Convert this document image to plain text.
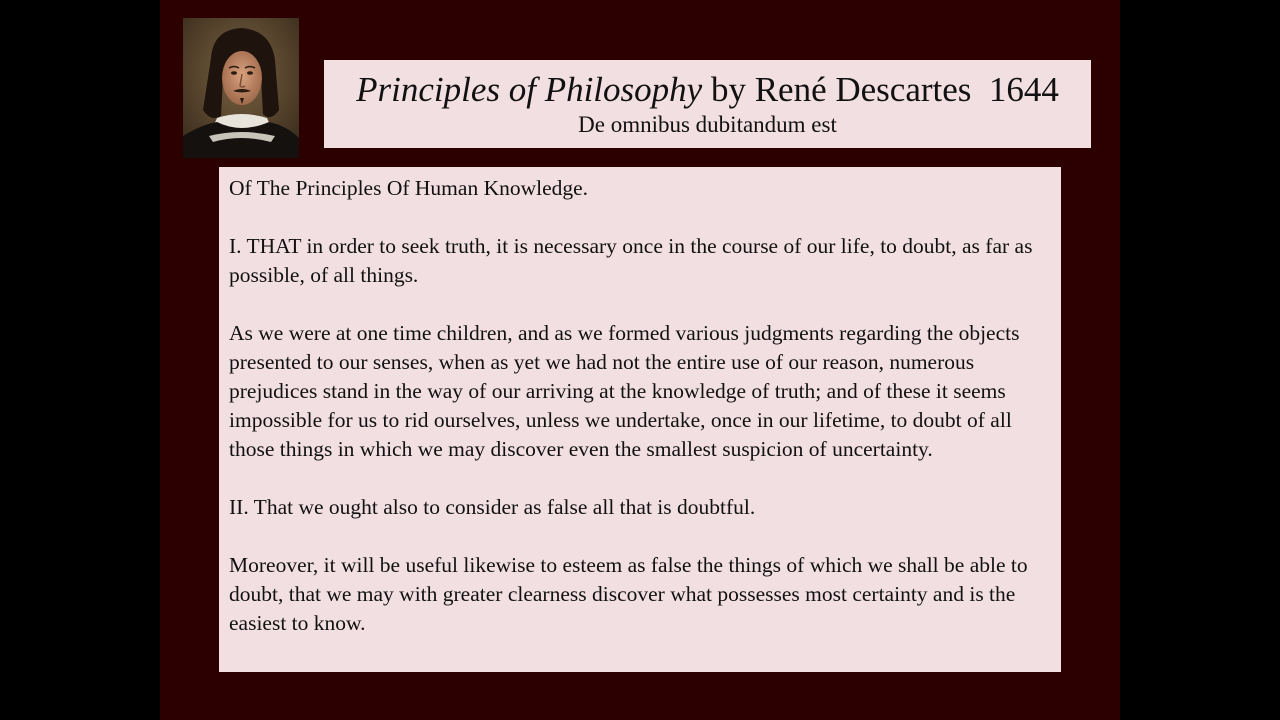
Principles of Philosophy by René Descartes  1644
De omnibus dubitandum est

Of The Principles Of Human Knowledge.

I. THAT in order to seek truth, it is necessary once in the course of our life, to doubt, as far as possible, of all things.

As we were at one time children, and as we formed various judgments regarding the objects presented to our senses, when as yet we had not the entire use of our reason, numerous prejudices stand in the way of our arriving at the knowledge of truth; and of these it seems impossible for us to rid ourselves, unless we undertake, once in our lifetime, to doubt of all those things in which we may discover even the smallest suspicion of uncertainty.

II. That we ought also to consider as false all that is doubtful.

Moreover, it will be useful likewise to esteem as false the things of which we shall be able to doubt, that we may with greater clearness discover what possesses most certainty and is the easiest to know.
